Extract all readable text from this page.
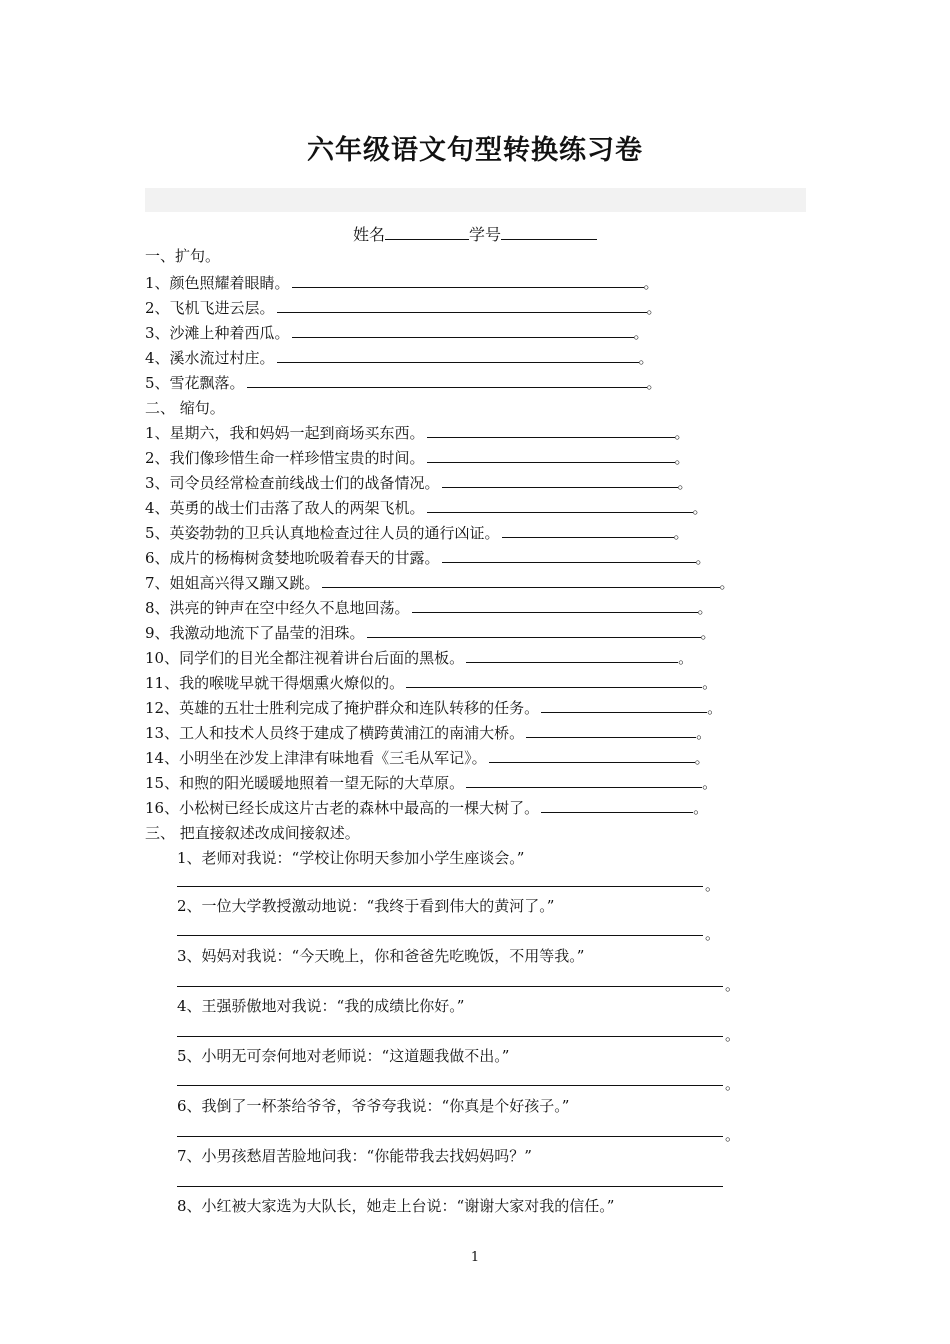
六年级语文句型转换练习卷
姓名	学号
一、扩句。
1、颜色照耀着眼睛。	。
2、飞机飞进云层。	。
3、沙滩上种着西瓜。	。
4、溪水流过村庄。	。
5、雪花飘落。	。
二、 缩句。
1、星期六，我和妈妈一起到商场买东西。	。
2、我们像珍惜生命一样珍惜宝贵的时间。	。
3、司令员经常检查前线战士们的战备情况。	。
4、英勇的战士们击落了敌人的两架飞机。	。
5、英姿勃勃的卫兵认真地检查过往人员的通行凶证。	。
6、成片的杨梅树贪婪地吮吸着春天的甘露。	。
7、姐姐高兴得又蹦又跳。	。
8、洪亮的钟声在空中经久不息地回荡。	。
9、我激动地流下了晶莹的泪珠。	。
10、同学们的目光全都注视着讲台后面的黑板。	。
11、我的喉咙早就干得烟熏火燎似的。	。
12、英雄的五壮士胜利完成了掩护群众和连队转移的任务。	。
13、工人和技术人员终于建成了横跨黄浦江的南浦大桥。	。
14、小明坐在沙发上津津有味地看《三毛从军记》。	。
15、和煦的阳光暖暖地照着一望无际的大草原。	。
16、小松树已经长成这片古老的森林中最高的一棵大树了。	。
三、 把直接叙述改成间接叙述。
1、老师对我说：“学校让你明天参加小学生座谈会。”
。
2、一位大学教授激动地说：“我终于看到伟大的黄河了。”
。
3、妈妈对我说：“今天晚上，你和爸爸先吃晚饭，不用等我。”
。
4、王强骄傲地对我说：“我的成绩比你好。”
。
5、小明无可奈何地对老师说：“这道题我做不出。”
。
6、我倒了一杯茶给爷爷，爷爷夸我说：“你真是个好孩子。”
。
7、小男孩愁眉苦脸地问我：“你能带我去找妈妈吗？”
8、小红被大家选为大队长，她走上台说：“谢谢大家对我的信任。”
1
